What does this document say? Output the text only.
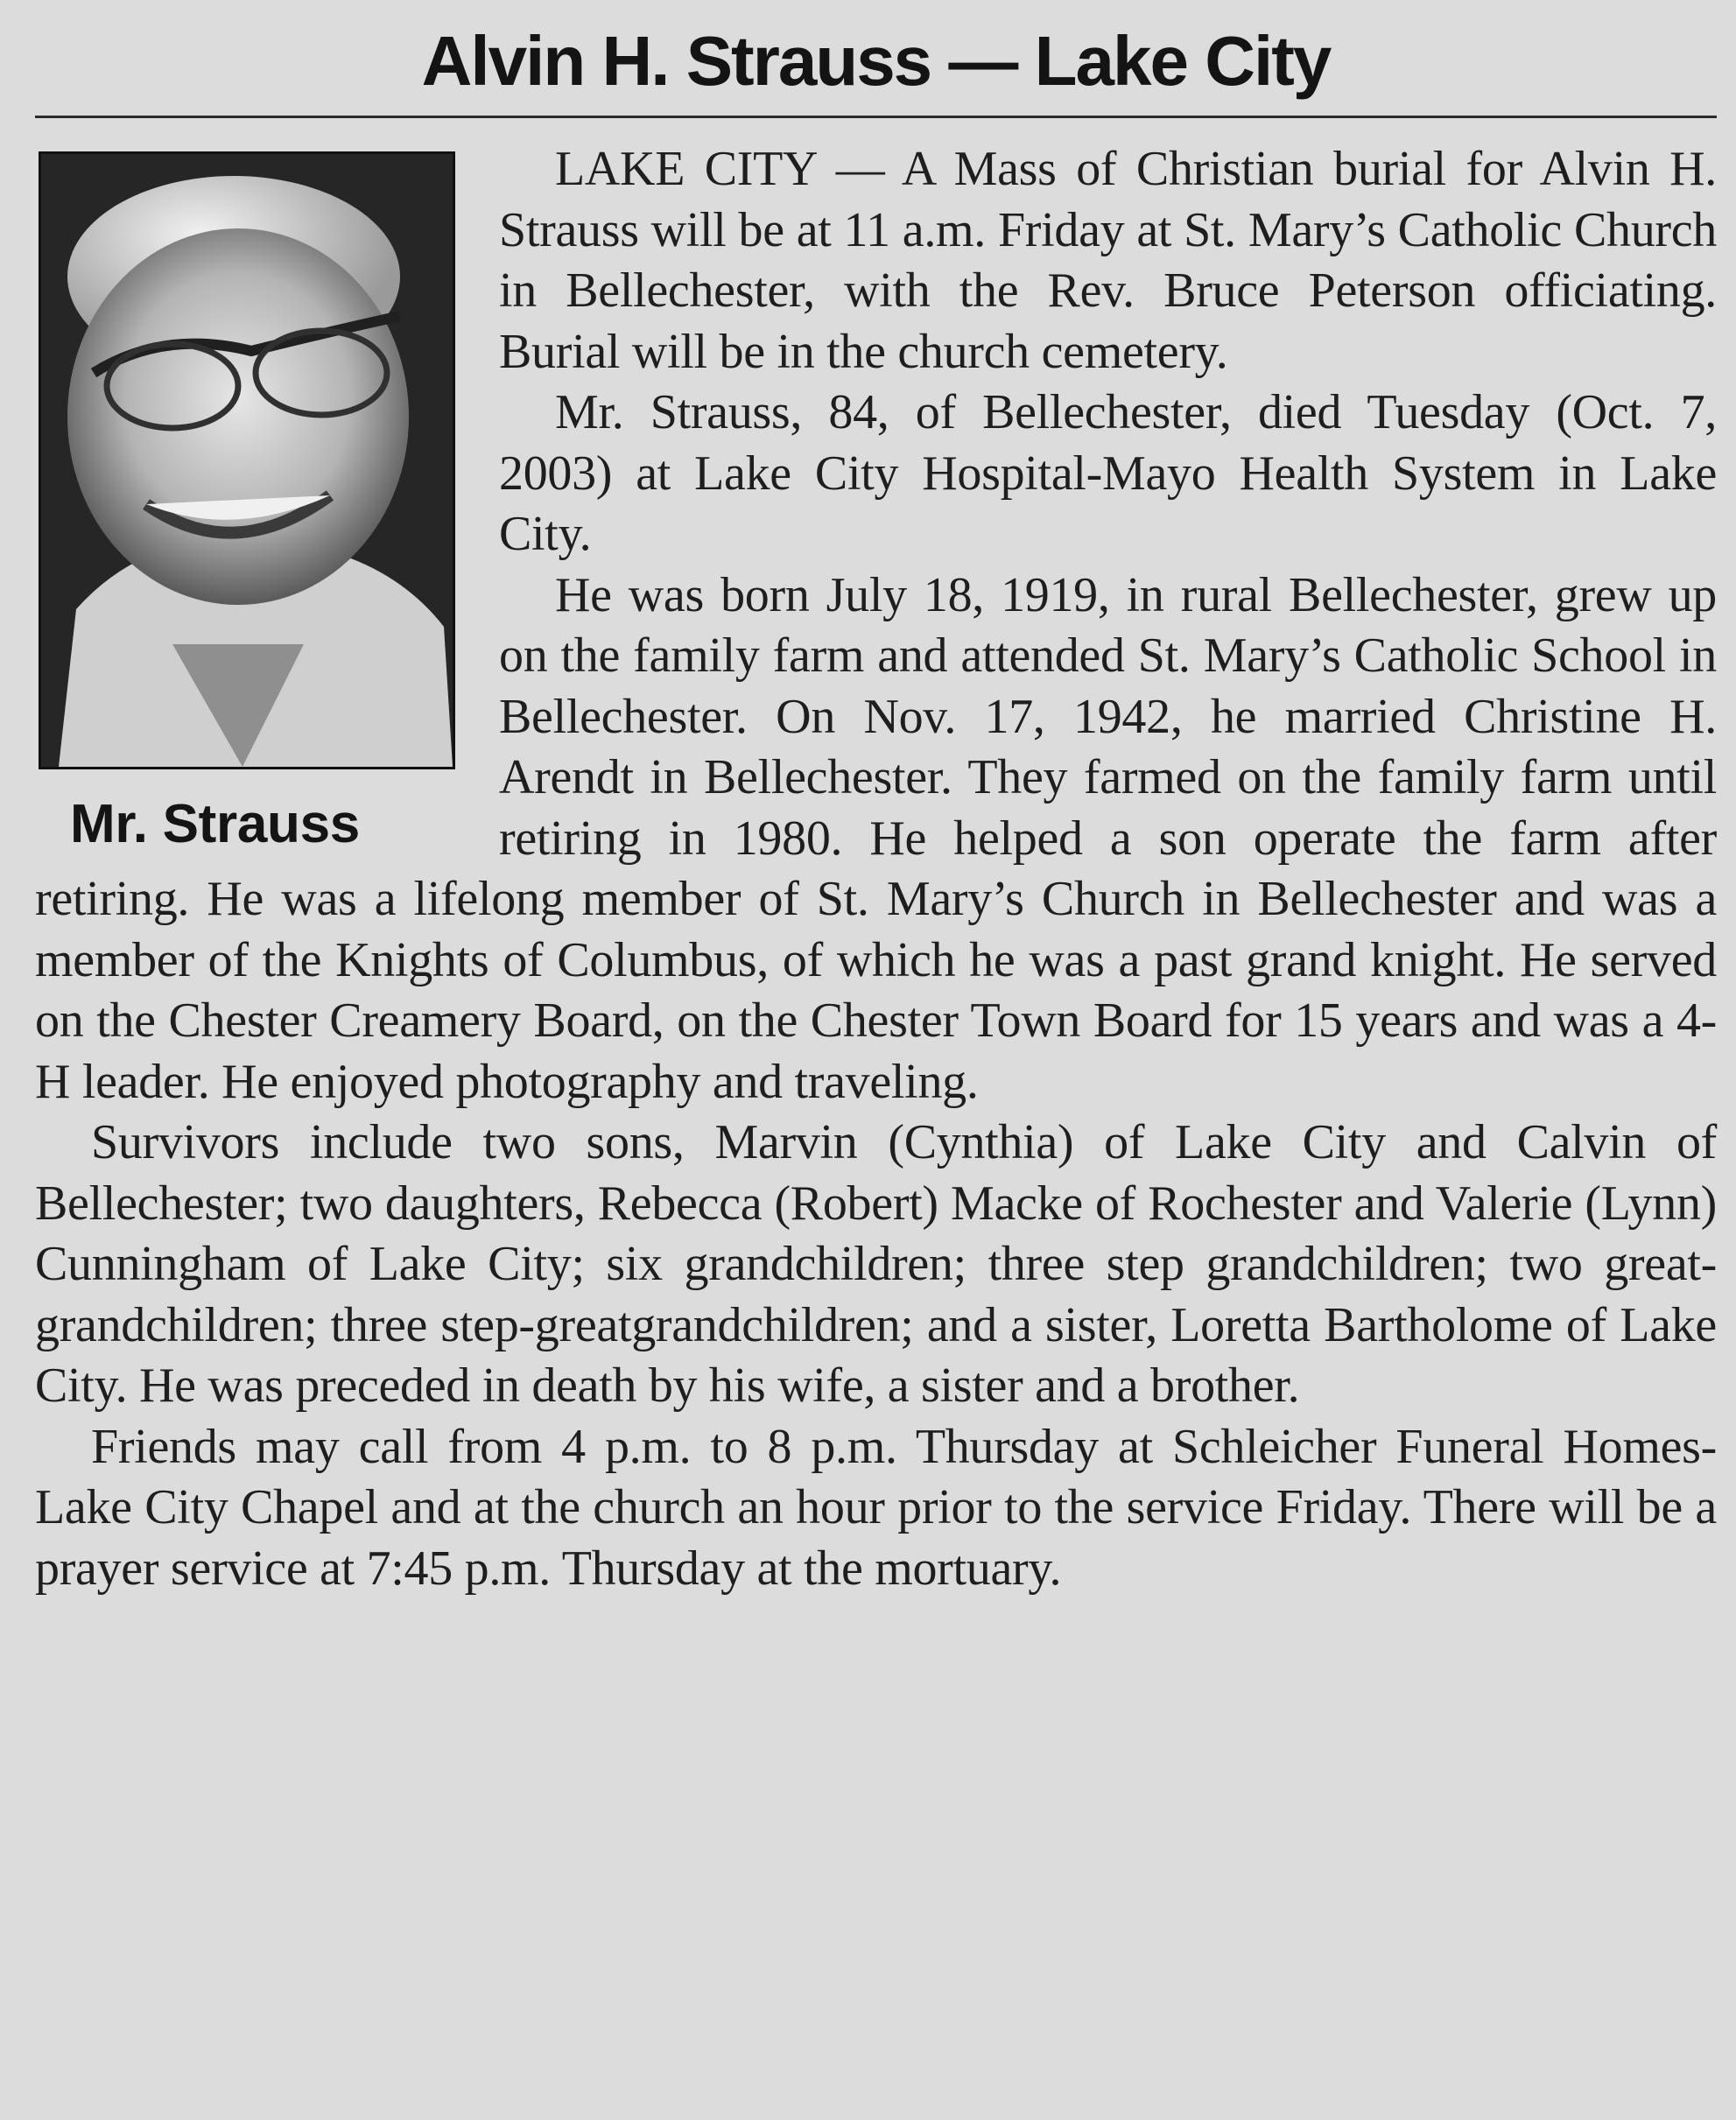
Alvin H. Strauss — Lake City
Mr. Strauss

LAKE CITY — A Mass of Christian burial for Alvin H. Strauss will be at 11 a.m. Friday at St. Mary’s Catholic Church in Bellechester, with the Rev. Bruce Peterson officiating. Burial will be in the church cemetery.

Mr. Strauss, 84, of Bellechester, died Tuesday (Oct. 7, 2003) at Lake City Hospital-Mayo Health System in Lake City.

He was born July 18, 1919, in rural Bellechester, grew up on the family farm and attended St. Mary’s Catholic School in Bellechester. On Nov. 17, 1942, he married Christine H. Arendt in Bellechester. They farmed on the family farm until retiring in 1980. He helped a son operate the farm after retiring. He was a lifelong member of St. Mary’s Church in Bellechester and was a member of the Knights of Columbus, of which he was a past grand knight. He served on the Chester Creamery Board, on the Chester Town Board for 15 years and was a 4-H leader. He enjoyed photography and traveling.

Survivors include two sons, Marvin (Cynthia) of Lake City and Calvin of Bellechester; two daughters, Rebecca (Robert) Macke of Rochester and Valerie (Lynn) Cunningham of Lake City; six grandchildren; three step grandchildren; two great-grandchildren; three step-greatgrandchildren; and a sister, Loretta Bartholome of Lake City. He was preceded in death by his wife, a sister and a brother.

Friends may call from 4 p.m. to 8 p.m. Thursday at Schleicher Funeral Homes-Lake City Chapel and at the church an hour prior to the service Friday. There will be a prayer service at 7:45 p.m. Thursday at the mortuary.
